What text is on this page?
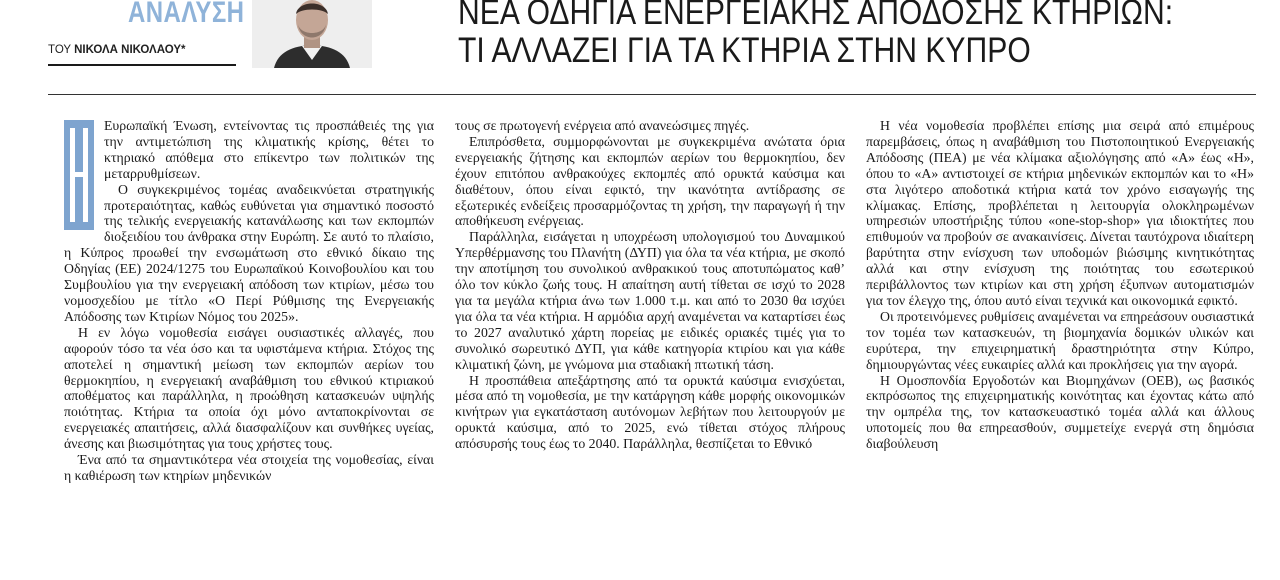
ΑΝΑΛΥΣΗ
ΤΟΥ ΝΙΚΟΛΑ ΝΙΚΟΛΑΟΥ*
ΝΕΑ ΟΔΗΓΙΑ ΕΝΕΡΓΕΙΑΚΗΣ ΑΠΟΔΟΣΗΣ ΚΤΗΡΙΩΝ:
ΤΙ ΑΛΛΑΖΕΙ ΓΙΑ ΤΑ ΚΤΗΡΙΑ ΣΤΗΝ ΚΥΠΡΟ

Ευρωπαϊκή Ένωση, εντείνοντας τις προσπάθειές της για την αντιμετώπιση της κλιματικής κρίσης, θέτει το κτηριακό απόθεμα στο επίκεντρο των πολιτικών της μεταρρυθμίσεων.

Ο συγκεκριμένος τομέας αναδεικνύεται στρατηγικής προτεραιότητας, καθώς ευθύνεται για σημαντικό ποσοστό της τελικής ενεργειακής κατανάλωσης και των εκπομπών διοξειδίου του άνθρακα στην Ευρώπη. Σε αυτό το πλαίσιο, η Κύπρος προωθεί την ενσωμάτωση στο εθνικό δίκαιο της Οδηγίας (ΕΕ) 2024/1275 του Ευρωπαϊκού Κοινοβουλίου και του Συμβουλίου για την ενεργειακή απόδοση των κτιρίων, μέσω του νομοσχεδίου με τίτλο «Ο Περί Ρύθμισης της Ενεργειακής Απόδοσης των Κτιρίων Νόμος του 2025».

Η εν λόγω νομοθεσία εισάγει ουσιαστικές αλλαγές, που αφορούν τόσο τα νέα όσο και τα υφιστάμενα κτήρια. Στόχος της αποτελεί η σημαντική μείωση των εκπομπών αερίων του θερμοκηπίου, η ενεργειακή αναβάθμιση του εθνικού κτιριακού αποθέματος και παράλληλα, η προώθηση κατασκευών υψηλής ποιότητας. Κτήρια τα οποία όχι μόνο ανταποκρίνονται σε ενεργειακές απαιτήσεις, αλλά διασφαλίζουν και συνθήκες υγείας, άνεσης και βιωσιμότητας για τους χρήστες τους.

Ένα από τα σημαντικότερα νέα στοιχεία της νομοθεσίας, είναι η καθιέρωση των κτηρίων μηδενικών

τους σε πρωτογενή ενέργεια από ανανεώσιμες πηγές.

Επιπρόσθετα, συμμορφώνονται με συγκεκριμένα ανώτατα όρια ενεργειακής ζήτησης και εκπομπών αερίων του θερμοκηπίου, δεν έχουν επιτόπου ανθρακούχες εκπομπές από ορυκτά καύσιμα και διαθέτουν, όπου είναι εφικτό, την ικανότητα αντίδρασης σε εξωτερικές ενδείξεις προσαρμόζοντας τη χρήση, την παραγωγή ή την αποθήκευση ενέργειας.

Παράλληλα, εισάγεται η υποχρέωση υπολογισμού του Δυναμικού Υπερθέρμανσης του Πλανήτη (ΔΥΠ) για όλα τα νέα κτήρια, με σκοπό την αποτίμηση του συνολικού ανθρακικού τους αποτυπώματος καθ’ όλο τον κύκλο ζωής τους. Η απαίτηση αυτή τίθεται σε ισχύ το 2028 για τα μεγάλα κτήρια άνω των 1.000 τ.μ. και από το 2030 θα ισχύει για όλα τα νέα κτήρια. Η αρμόδια αρχή αναμένεται να καταρτίσει έως το 2027 αναλυτικό χάρτη πορείας με ειδικές οριακές τιμές για το συνολικό σωρευτικό ΔΥΠ, για κάθε κατηγορία κτιρίου και για κάθε κλιματική ζώνη, με γνώμονα μια σταδιακή πτωτική τάση.

Η προσπάθεια απεξάρτησης από τα ορυκτά καύσιμα ενισχύεται, μέσα από τη νομοθεσία, με την κατάργηση κάθε μορφής οικονομικών κινήτρων για εγκατάσταση αυτόνομων λεβήτων που λειτουργούν με ορυκτά καύσιμα, από το 2025, ενώ τίθεται στόχος πλήρους απόσυρσής τους έως το 2040. Παράλληλα, θεσπίζεται το Εθνικό

Η νέα νομοθεσία προβλέπει επίσης μια σειρά από επιμέρους παρεμβάσεις, όπως η αναβάθμιση του Πιστοποιητικού Ενεργειακής Απόδοσης (ΠΕΑ) με νέα κλίμακα αξιολόγησης από «Α» έως «Η», όπου το «Α» αντιστοιχεί σε κτήρια μηδενικών εκπομπών και το «Η» στα λιγότερο αποδοτικά κτήρια κατά τον χρόνο εισαγωγής της κλίμακας. Επίσης, προβλέπεται η λειτουργία ολοκληρωμένων υπηρεσιών υποστήριξης τύπου «one-stop-shop» για ιδιοκτήτες που επιθυμούν να προβούν σε ανακαινίσεις. Δίνεται ταυτόχρονα ιδιαίτερη βαρύτητα στην ενίσχυση των υποδομών βιώσιμης κινητικότητας αλλά και στην ενίσχυση της ποιότητας του εσωτερικού περιβάλλοντος των κτιρίων και στη χρήση έξυπνων αυτοματισμών για τον έλεγχο της, όπου αυτό είναι τεχνικά και οικονομικά εφικτό.

Οι προτεινόμενες ρυθμίσεις αναμένεται να επηρεάσουν ουσιαστικά τον τομέα των κατασκευών, τη βιομηχανία δομικών υλικών και ευρύτερα, την επιχειρηματική δραστηριότητα στην Κύπρο, δημιουργώντας νέες ευκαιρίες αλλά και προκλήσεις για την αγορά.

Η Ομοσπονδία Εργοδοτών και Βιομηχάνων (ΟΕΒ), ως βασικός εκπρόσωπος της επιχειρηματικής κοινότητας και έχοντας κάτω από την ομπρέλα της, τον κατασκευαστικό τομέα αλλά και άλλους υποτομείς που θα επηρεασθούν, συμμετείχε ενεργά στη δημόσια διαβούλευση
